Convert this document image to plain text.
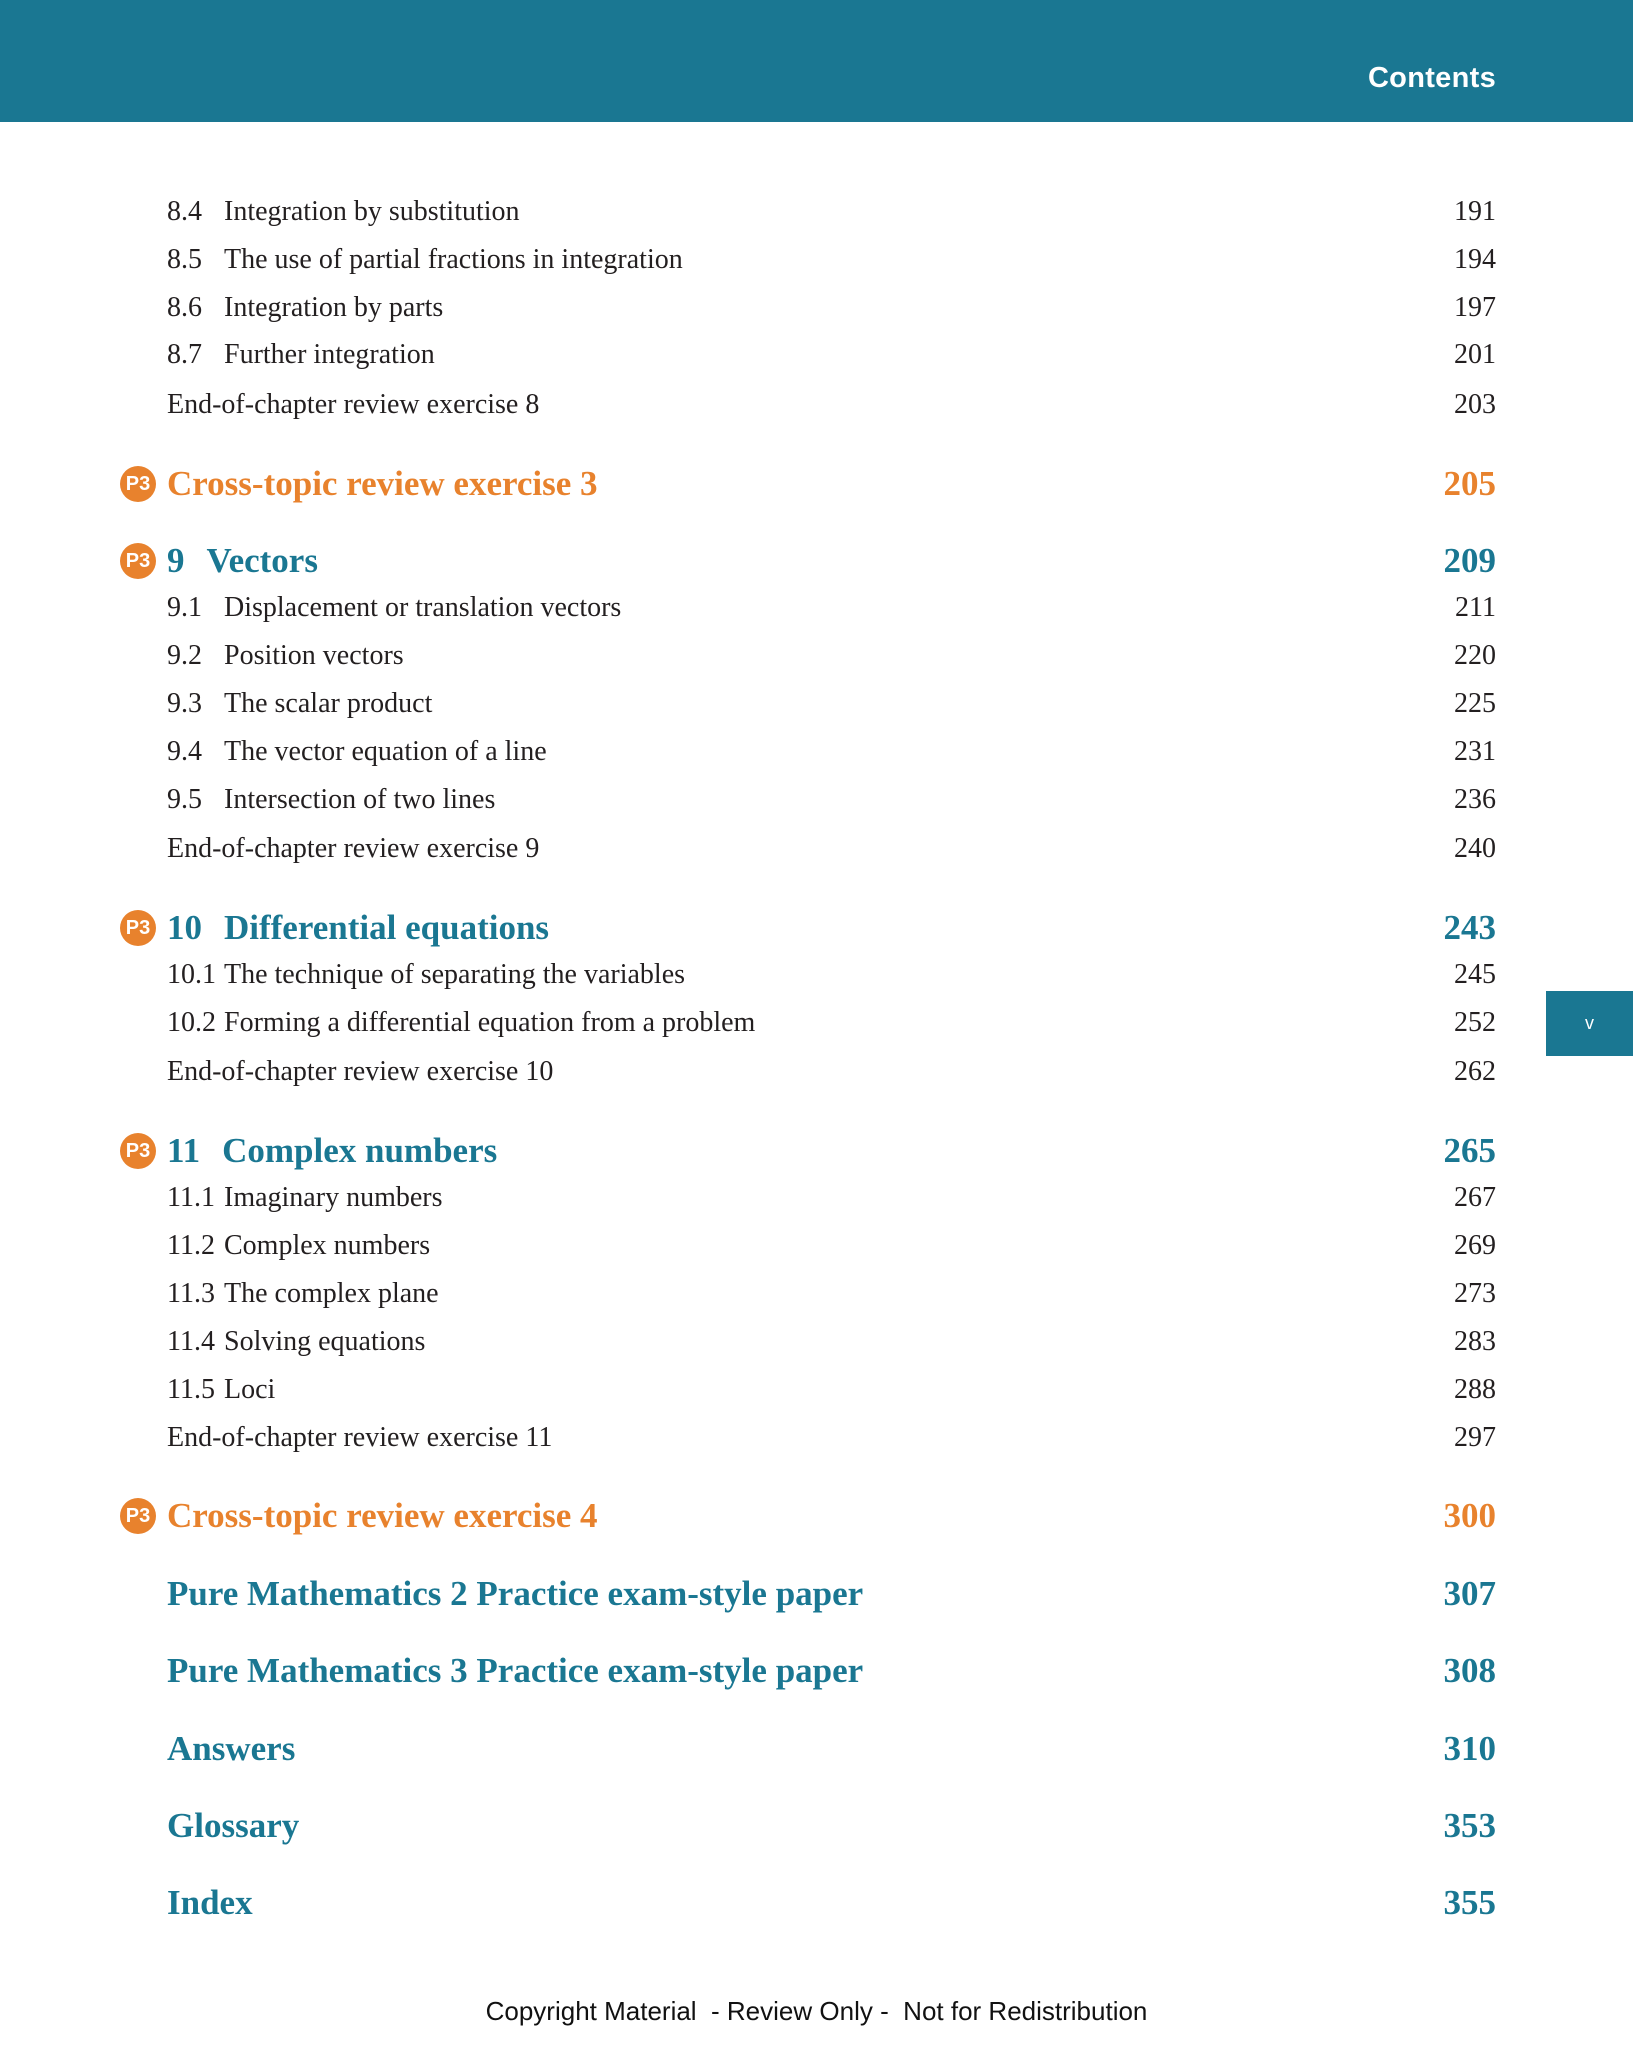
Contents
v
8.4 Integration by substitution	191
8.5 The use of partial fractions in integration	194
8.6 Integration by parts	197
8.7 Further integration	201
End-of-chapter review exercise 8	203
P3 Cross-topic review exercise 3	205
P3 9 Vectors	209
9.1 Displacement or translation vectors	211
9.2 Position vectors	220
9.3 The scalar product	225
9.4 The vector equation of a line	231
9.5 Intersection of two lines	236
End-of-chapter review exercise 9	240
P3 10 Differential equations	243
10.1 The technique of separating the variables	245
10.2 Forming a differential equation from a problem	252
End-of-chapter review exercise 10	262
P3 11 Complex numbers	265
11.1 Imaginary numbers	267
11.2 Complex numbers	269
11.3 The complex plane	273
11.4 Solving equations	283
11.5 Loci	288
End-of-chapter review exercise 11	297
P3 Cross-topic review exercise 4	300
Pure Mathematics 2 Practice exam-style paper	307
Pure Mathematics 3 Practice exam-style paper	308
Answers	310
Glossary	353
Index	355
Copyright Material  - Review Only -  Not for Redistribution
